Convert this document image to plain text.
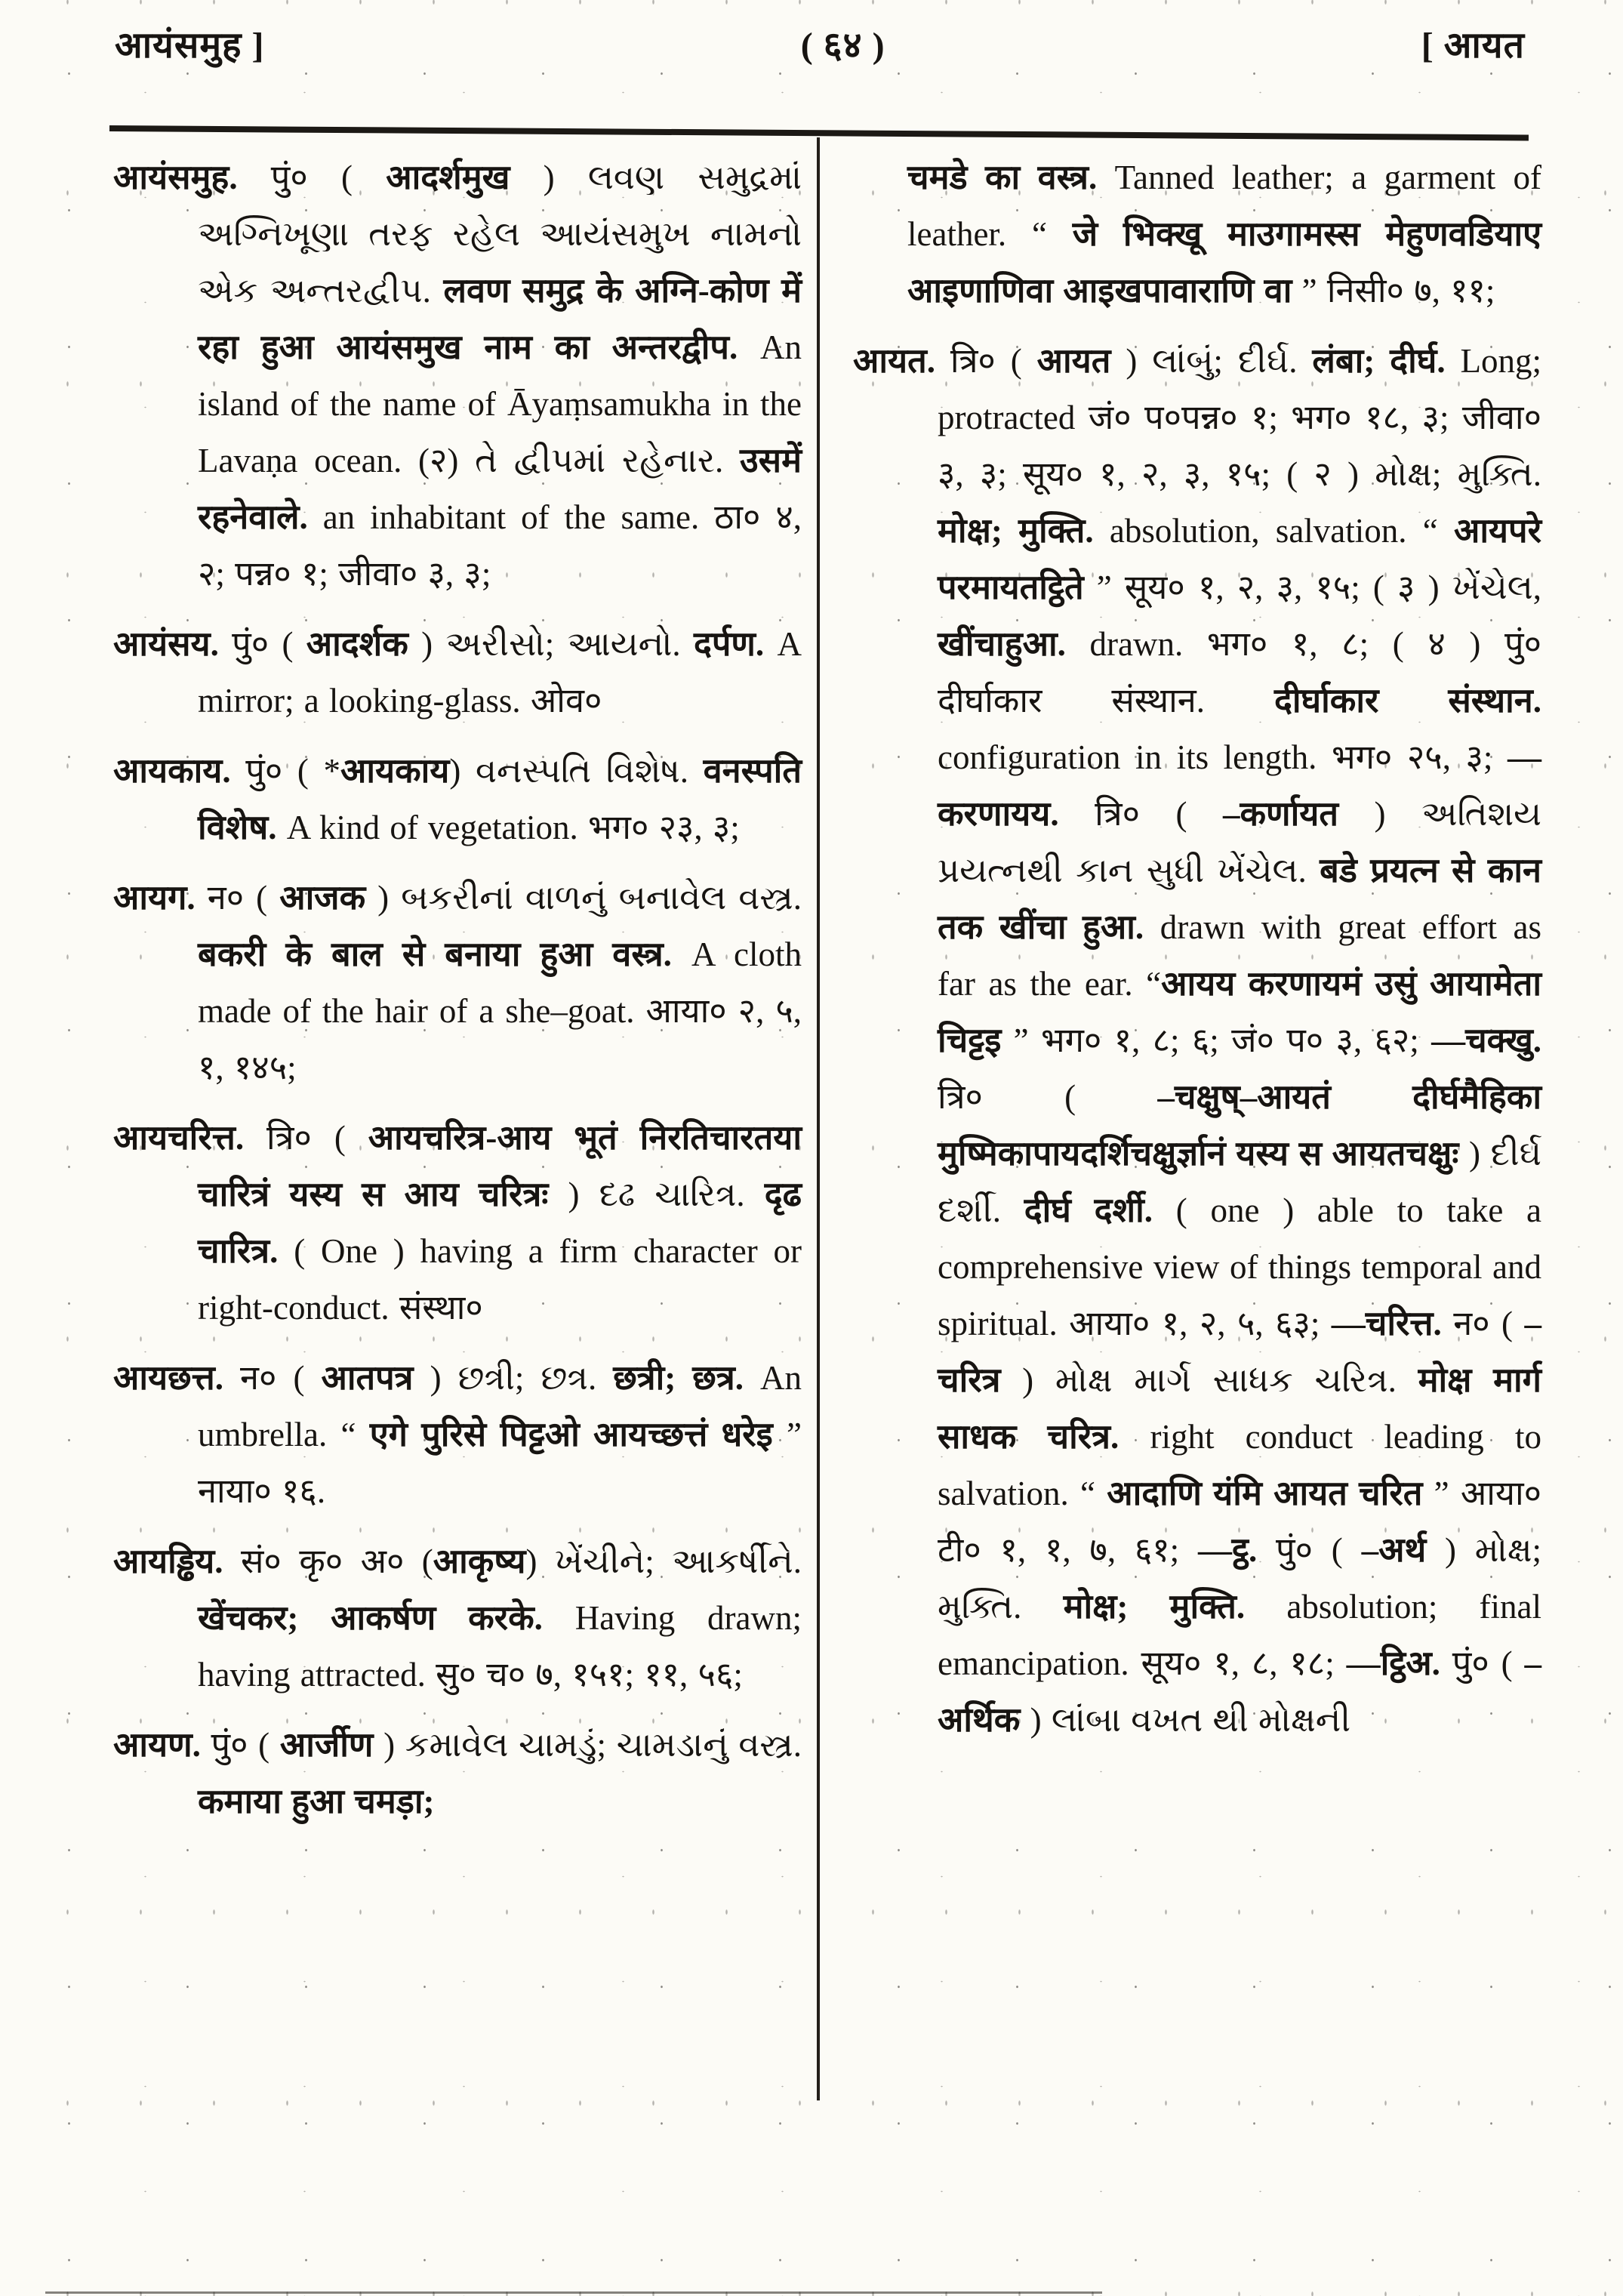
आयंसमुह ]	( ६४ )	[ आयत

आयंसमुह. पुं० ( आदर्शमुख ) લવણ સમુદ્રમાં અગ્નિખૂણા તરફ રહેલ આયંસમુખ નામનો એક અન્તરદ્વીપ. लवण समुद्र के अग्नि-कोण में रहा हुआ आयंसमुख नाम का अन्तरद्वीप. An island of the name of Āyaṃsamukha in the Lavaṇa ocean. (२) તે દ્વીપમાં રહેનાર. उसमें रहनेवाले. an inhabitant of the same. ठा० ४, २; पन्न० १; जीवा० ३, ३;

आयंसय. पुं० ( आदर्शक ) અરીસો; આયનો. दर्पण. A mirror; a looking-glass. ओव०

आयकाय. पुं० ( *आयकाय) વનસ્પતિ વિશેષ. वनस्पति विशेष. A kind of vegetation. भग० २३, ३;

आयग. न० ( आजक ) બકરીનાં વાળનું બનાવેલ વસ્ત્ર. बकरी के बाल से बनाया हुआ वस्त्र. A cloth made of the hair of a she–goat. आया० २, ५, १, १४५;

आयचरित्त. त्रि० ( आयचरित्र-आय भूतं निरतिचारतया चारित्रं यस्य स आय चरित्रः ) દઢ ચારિત્ર. दृढ चारित्र. ( One ) having a firm character or right-conduct. संस्था०

आयछत्त. न० ( आतपत्र ) છત્રી; છત્ર. छत्री; छत्र. An umbrella. “ एगे पुरिसे पिट्टओ आयच्छत्तं धरेइ ” नाया० १६.

आयड्ढिय. सं० कृ० अ० (आकृष्य) ખેંચીને; આકર્ષીને. खेंचकर; आकर्षण करके. Having drawn; having attracted. सु० च० ७, १५१; ११, ५६;

आयण. पुं० ( आर्जीण ) કમાવેલ ચામડું; ચામડાનું વસ્ત્ર. कमाया हुआ चमड़ा;

चमडे का वस्त्र. Tanned leather; a garment of leather. “ जे भिक्खू माउगामस्स मेहुणवडियाए आइणाणिवा आइखपावाराणि वा ” निसी० ७, ११;

आयत. त्रि० ( आयत ) લાંબું; દીર્ઘ. लंबा; दीर्घ. Long; protracted जं० प०पन्न० १; भग० १८, ३; जीवा० ३, ३; सूय० १, २, ३, १५; ( २ ) મોક્ષ; મુક્તિ. मोक्ष; मुक्ति. absolution, salvation. “ आयपरे परमायतट्ठिते ” सूय० १, २, ३, १५; ( ३ ) ખેંચેલ, खींचाहुआ. drawn. भग० १, ८; ( ४ ) पुं० दीर्घाकार संस्थान. दीर्घाकार संस्थान. configuration in its length. भग० २५, ३; —करणायय. त्रि० ( –कर्णायत ) અતિશય પ્રયત્નથી કાન સુધી ખેંચેલ. बडे प्रयत्न से कान तक खींचा हुआ. drawn with great effort as far as the ear. “आयय करणायमं उसुं आयामेता चिट्टइ ” भग० १, ८; ६; जं० प० ३, ६२; —चक्खु. त्रि० ( –चक्षुष्–आयतं दीर्घमैहिका मुष्मिकापायदर्शिचक्षुर्ज्ञानं यस्य स आयतचक्षुः ) દીર્ઘ દર્શી. दीर्घ दर्शी. ( one ) able to take a comprehensive view of things temporal and spiritual. आया० १, २, ५, ६३; —चरित्त. न० ( –चरित्र ) મોક્ષ માર્ગ સાધક ચરિત્ર. मोक्ष मार्ग साधक चरित्र. right conduct leading to salvation. “ आदाणि यंमि आयत चरित ” आया० टी० १, १, ७, ६१; —ट्ठ. पुं० ( –अर्थ ) મોક્ષ; મુક્તિ. मोक्ष; मुक्ति. absolution; final emancipation. सूय० १, ८, १८; —ट्ठिअ. पुं० ( –अर्थिक ) લાંબા વખત થી મોક્ષની
